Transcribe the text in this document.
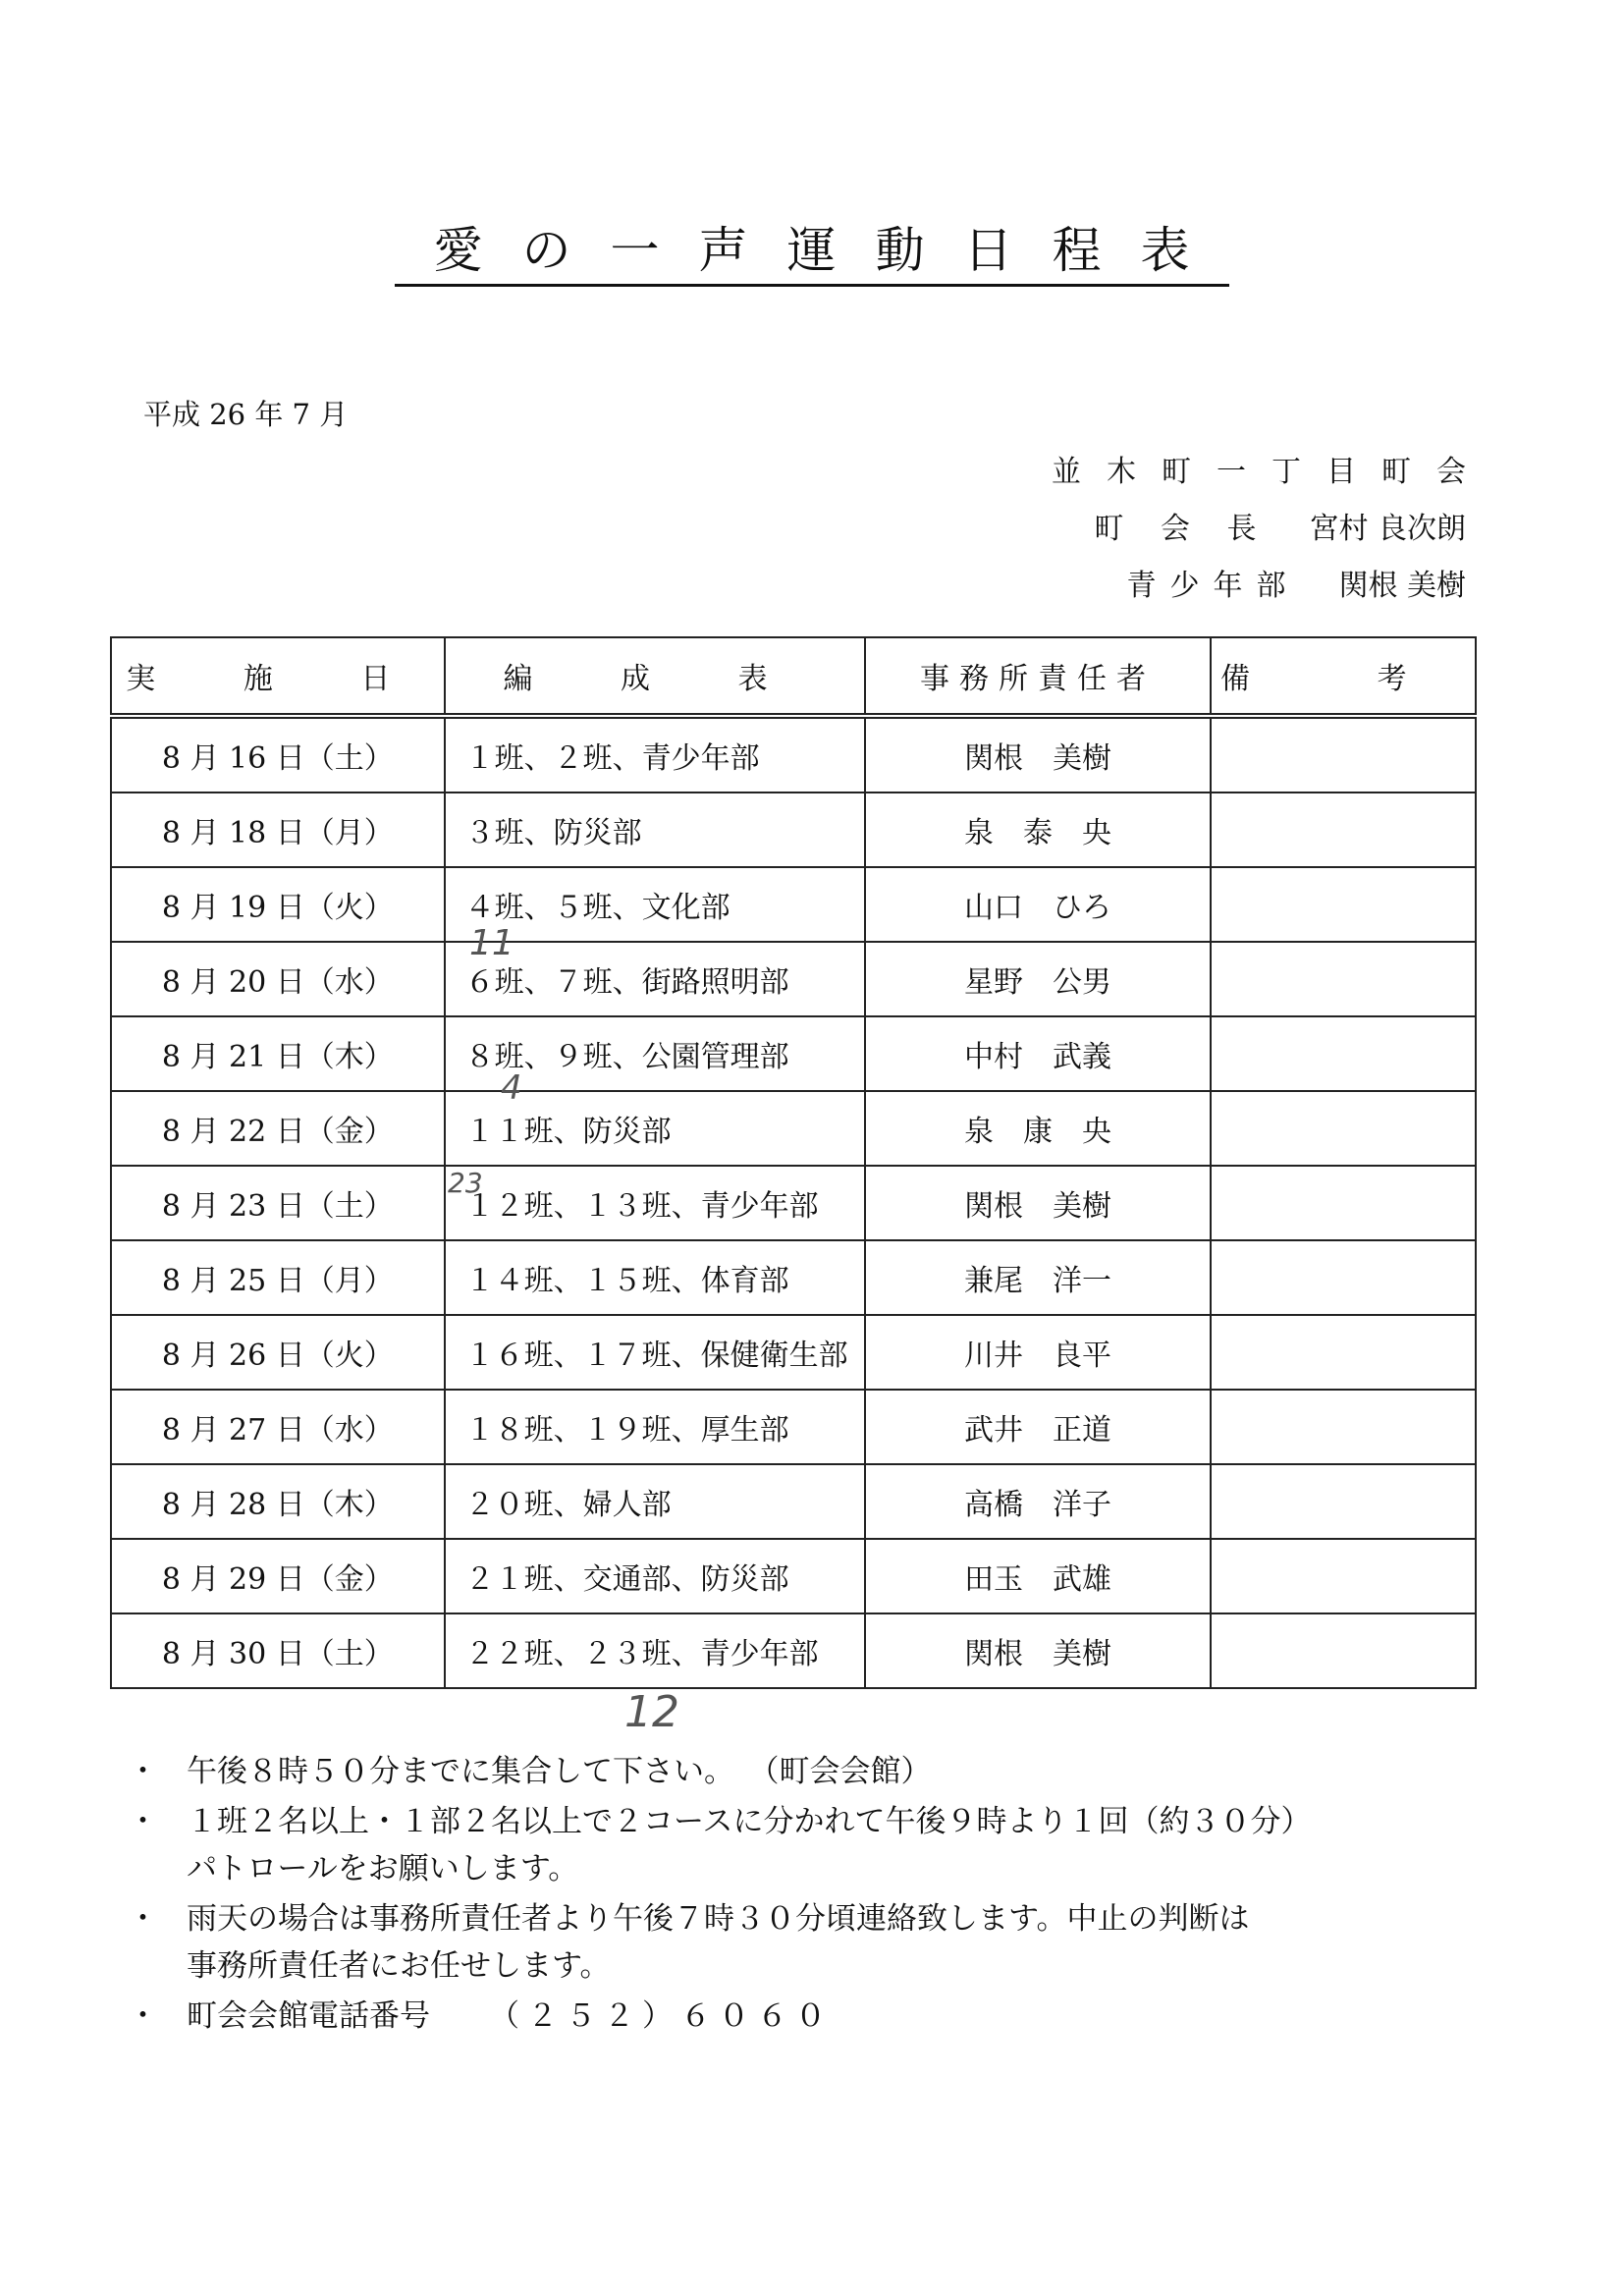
愛の一声運動日程表
平成 26 年 7 月
並木町一丁目町会
町 会 長 宮村 良次朗
青少年部 関根 美樹
実 施 日	編 成 表	事務所責任者	備 考
8 月 16 日（土）	１班、２班、青少年部	関根　美樹	
8 月 18 日（月）	３班、防災部	泉　泰　央	
8 月 19 日（火）	４班、５班、文化部	山口　ひろ	
8 月 20 日（水）	６班、７班、街路照明部	星野　公男	
8 月 21 日（木）	８班、９班、公園管理部	中村　武義	
8 月 22 日（金）	１１班、防災部	泉　康　央	
8 月 23 日（土）	１２班、１３班、青少年部	関根　美樹	
8 月 25 日（月）	１４班、１５班、体育部	兼尾　洋一	
8 月 26 日（火）	１６班、１７班、保健衛生部	川井　良平	
8 月 27 日（水）	１８班、１９班、厚生部	武井　正道	
8 月 28 日（木）	２０班、婦人部	高橋　洋子	
8 月 29 日（金）	２１班、交通部、防災部	田玉　武雄	
8 月 30 日（土）	２２班、２３班、青少年部	関根　美樹	
11
4
23
12
・ 午後８時５０分までに集合して下さい。 （町会会館）
・ １班２名以上・１部２名以上で２コースに分かれて午後９時より１回（約３０分）
パトロールをお願いします。
・ 雨天の場合は事務所責任者より午後７時３０分頃連絡致します。中止の判断は
事務所責任者にお任せします。
・ 町会会館電話番号 （２５２）６０６０
